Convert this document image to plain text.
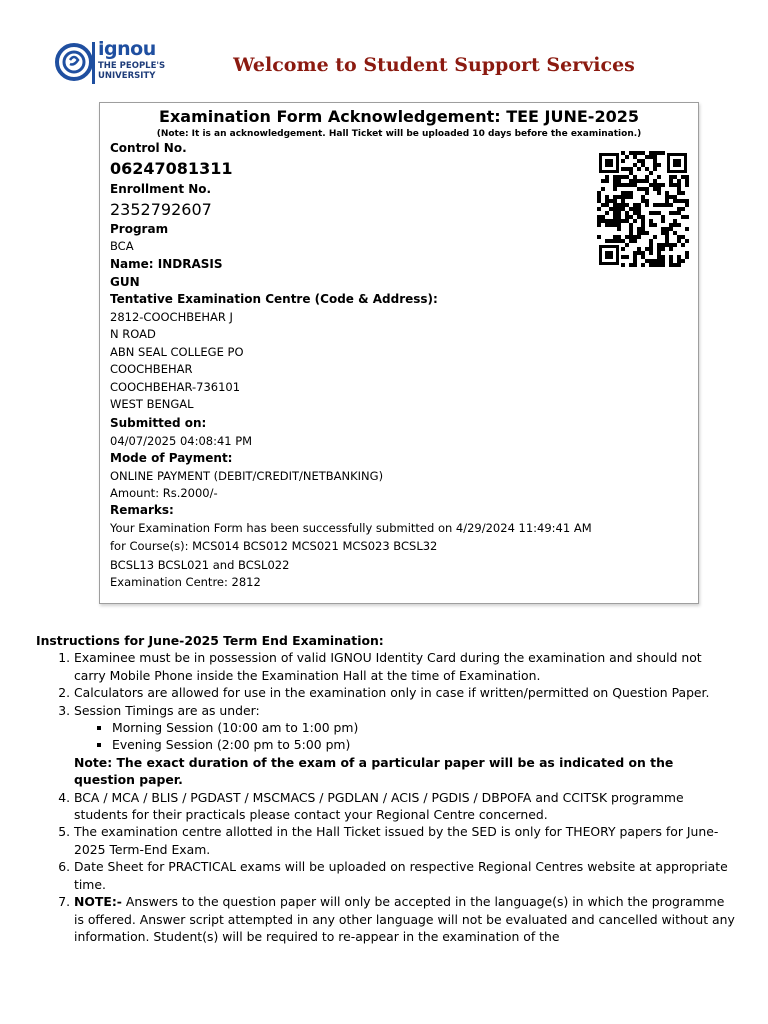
ignou
THE PEOPLE'S
UNIVERSITY	Welcome to Student Support Services
Examination Form Acknowledgement: TEE JUNE-2025
(Note: It is an acknowledgement. Hall Ticket will be uploaded 10 days before the examination.)
Control No.
06247081311
Enrollment No.
2352792607
Program
BCA
Name: INDRASIS
GUN
Tentative Examination Centre (Code & Address):
2812-COOCHBEHAR J
N ROAD
ABN SEAL COLLEGE PO
COOCHBEHAR
COOCHBEHAR-736101
WEST BENGAL
Submitted on:
04/07/2025 04:08:41 PM
Mode of Payment:
ONLINE PAYMENT (DEBIT/CREDIT/NETBANKING)
Amount: Rs.2000/-
Remarks:
Your Examination Form has been successfully submitted on 4/29/2024 11:49:41 AM
for Course(s): MCS014 BCS012 MCS021 MCS023 BCSL32
BCSL13 BCSL021 and BCSL022
Examination Centre: 2812
Instructions for June-2025 Term End Examination:
1. Examinee must be in possession of valid IGNOU Identity Card during the examination and should not carry Mobile Phone inside the Examination Hall at the time of Examination.
2. Calculators are allowed for use in the examination only in case if written/permitted on Question Paper.
3. Session Timings are as under:
▪ Morning Session (10:00 am to 1:00 pm)
▪ Evening Session (2:00 pm to 5:00 pm)
Note: The exact duration of the exam of a particular paper will be as indicated on the question paper.
4. BCA / MCA / BLIS / PGDAST / MSCMACS / PGDLAN / ACIS / PGDIS / DBPOFA and CCITSK programme students for their practicals please contact your Regional Centre concerned.
5. The examination centre allotted in the Hall Ticket issued by the SED is only for THEORY papers for June-2025 Term-End Exam.
6. Date Sheet for PRACTICAL exams will be uploaded on respective Regional Centres website at appropriate time.
7. NOTE:- Answers to the question paper will only be accepted in the language(s) in which the programme is offered. Answer script attempted in any other language will not be evaluated and cancelled without any information. Student(s) will be required to re-appear in the examination of the
